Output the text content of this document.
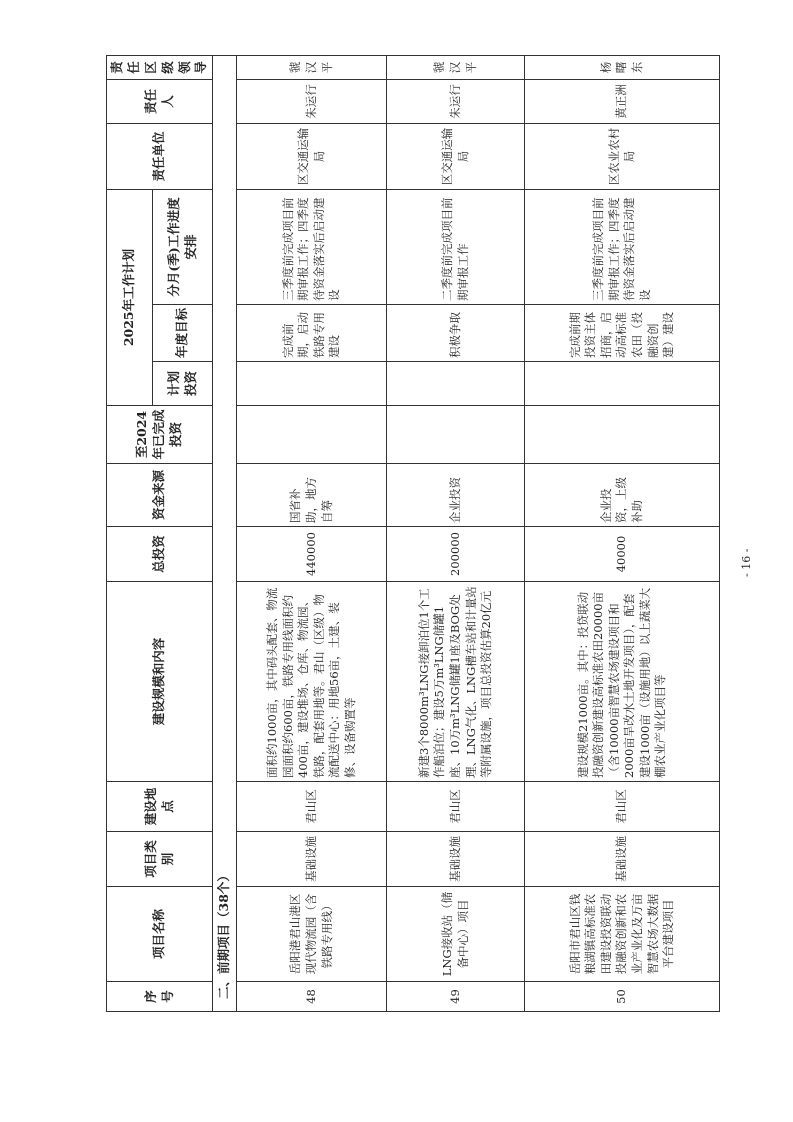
序号	项目名称	项目类别	建设地点	建设规模和内容	总投资	资金来源	至2024年已完成投资	2025年工作计划			责任单位	责任人	责任区级领导
								计划投资	年度目标	分月(季)工作进度安排			
二、前期项目（38个）													
48	岳阳港君山港区现代物流园（含铁路专用线）	基础设施	君山区	面积约1000亩，其中码头配套、物流园面积约600亩，铁路专用线面积约400亩，建设堆场、仓库、物流园、铁路，配套用地等。君山（区级）物流配送中心：用地56亩，土建、装修、设备购置等	440000	国省补助，地方自筹			完成前期，启动铁路专用建设	三季度前完成项目前期审报工作；四季度待资金落实后启动建设	区交通运输局	朱运行	虢汉平
49	LNG接收站（储备中心）项目	基础设施	君山区	新建3个8000m³LNG接卸泊位1个工作船泊位；建设5万m³LNG储罐1座、10万m³LNG储罐1座及BOG处理、LNG气化、LNG槽车站和计量站等附属设施，项目总投资估算20亿元	200000	企业投资			积极争取	二季度前完成项目前期审报工作	区交通运输局	朱运行	虢汉平
50	岳阳市君山区钱粮湖镇高标准农田建设投资联动投融资创新和农业产业化及万亩智慧农场大数据平台建设项目	基础设施	君山区	建设规模21000亩。其中：投贷联动投融资创新建设高标准农田20000亩（含10000亩智慧农场建设项目和2000亩旱改水土地开发项目），配套建设1000亩（设施用地）以上蔬菜大棚农业产业化项目等	40000	企业投资，上级补助			完成前期投资主体招商，启动高标准农田（投融资创建）建设	三季度前完成项目前期审报工作；四季度待资金落实后启动建设	区农业农村局	黄正洲	杨曙东
- 16 -
